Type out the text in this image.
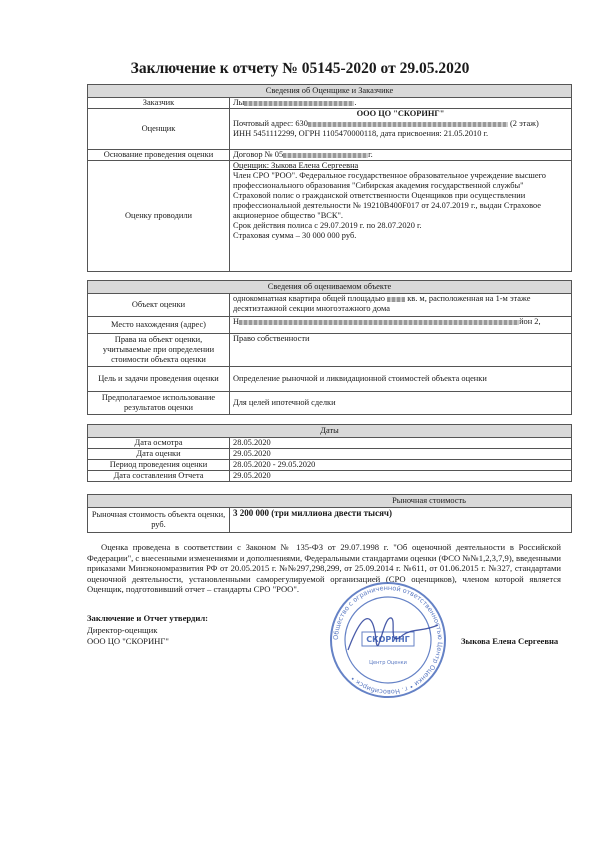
Заключение к отчету № 05145-2020 от 29.05.2020
Сведения об Оценщике и Заказчике	
Заказчик	Лы .
Оценщик	ООО ЦО "СКОРИНГ"
Почтовый адрес: 630 (2 этаж)
ИНН 5451112299, ОГРН 1105470000118, дата присвоения: 21.05.2010 г.

Основание проведения оценки	Договор № 05 г.
Оценку проводили	Оценщик: Зыкова Елена Сергеевна
Член СРО "РОО". Федеральное государственное образовательное учреждение высшего профессионального образования "Сибирская академия государственной службы"
Страховой полис о гражданской ответственности Оценщиков при осуществлении профессиональной деятельности № 19210В400F017 от 24.07.2019 г., выдан Страховое акционерное общество "ВСК".
Срок действия полиса с 29.07.2019 г. по 28.07.2020 г.
Страховая сумма – 30 000 000 руб.
Сведения об оцениваемом объекте	
Объект оценки	однокомнатная квартира общей площадью кв. м, расположенная на 1-м этаже десятиэтажной секции многоэтажного дома
Место нахождения (адрес)	Н йон 2,
Права на объект оценки, учитываемые при определении стоимости объекта оценки	Право собственности
Цель и задачи проведения оценки	Определение рыночной и ликвидационной стоимостей объекта оценки
Предполагаемое использование результатов оценки	Для целей ипотечной сделки
Даты	
Дата осмотра	28.05.2020
Дата оценки	29.05.2020
Период проведения оценки	28.05.2020 - 29.05.2020
Дата составления Отчета	29.05.2020
Рыночная стоимость
Рыночная стоимость объекта оценки, руб.	3 200 000 (три миллиона двести тысяч)
Оценка проведена в соответствии с Законом № 135-ФЗ от 29.07.1998 г. "Об оценочной деятельности в Российской Федерации", с внесенными изменениями и дополнениями, Федеральными стандартами оценки (ФСО №№1,2,3,7,9), введенными приказами Минэкономразвития РФ от 20.05.2015 г. №№297,298,299, от 25.09.2014 г. №611, от 01.06.2015 г. №327, стандартами оценочной деятельности, установленными саморегулируемой организацией (СРО оценщиков), членом которой является Оценщик, подготовивший отчет – стандарты СРО "РОО".
Заключение и Отчет утвердил:
Директор-оценщик
ООО ЦО "СКОРИНГ"	Зыкова Елена Сергеевна
Общество с ограниченной ответственностью Центр Оценки • г. Новосибирск •
СКОРИНГ
Центр Оценки
